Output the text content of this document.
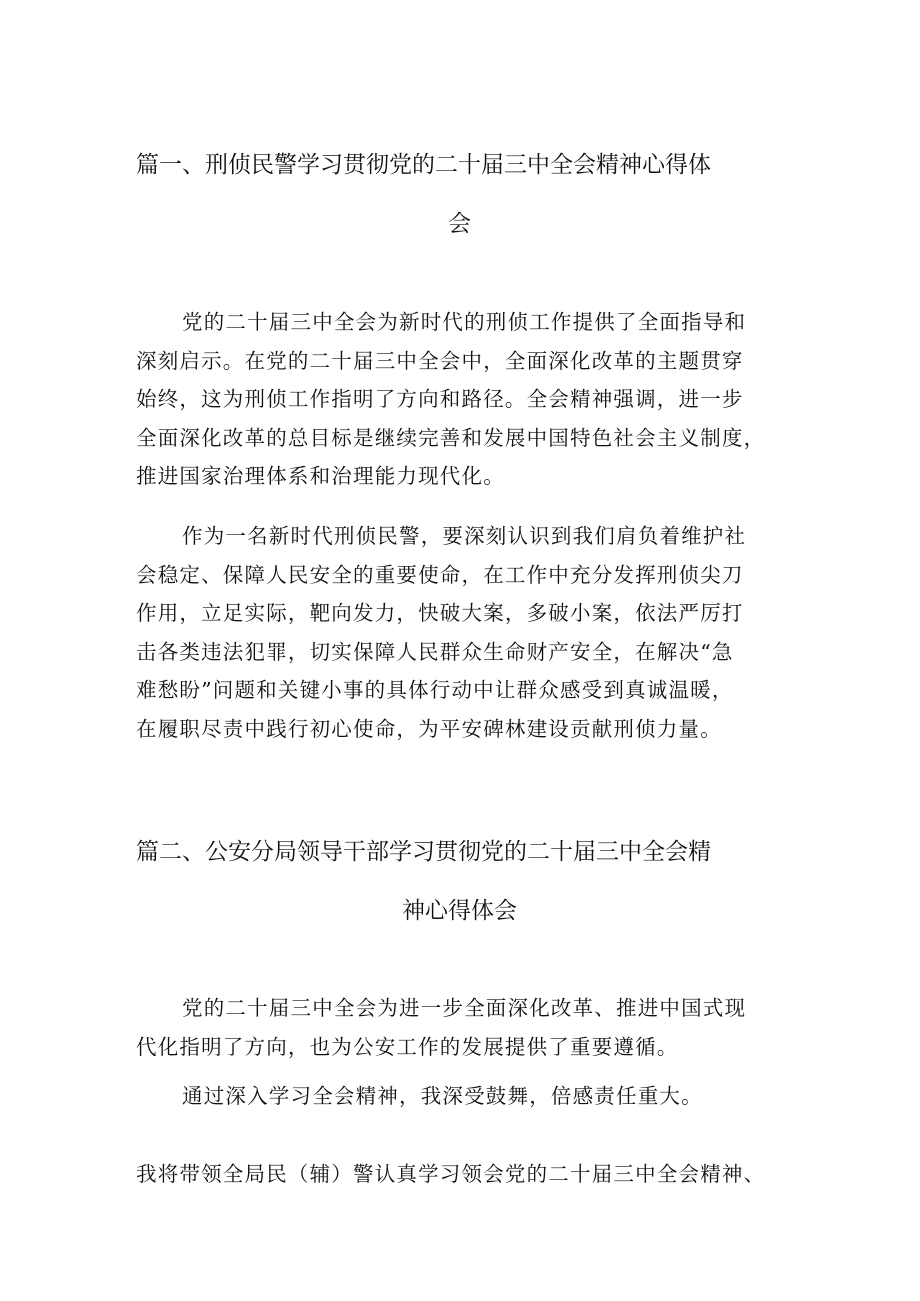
篇一、刑侦民警学习贯彻党的二十届三中全会精神心得体
会
党的二十届三中全会为新时代的刑侦工作提供了全面指导和
深刻启示。在党的二十届三中全会中，全面深化改革的主题贯穿
始终，这为刑侦工作指明了方向和路径。全会精神强调，进一步
全面深化改革的总目标是继续完善和发展中国特色社会主义制度，
推进国家治理体系和治理能力现代化。
作为一名新时代刑侦民警，要深刻认识到我们肩负着维护社
会稳定、保障人民安全的重要使命，在工作中充分发挥刑侦尖刀
作用，立足实际，靶向发力，快破大案，多破小案，依法严厉打
击各类违法犯罪，切实保障人民群众生命财产安全，在解决“急
难愁盼”问题和关键小事的具体行动中让群众感受到真诚温暖，
在履职尽责中践行初心使命，为平安碑林建设贡献刑侦力量。
篇二、公安分局领导干部学习贯彻党的二十届三中全会精
神心得体会
党的二十届三中全会为进一步全面深化改革、推进中国式现
代化指明了方向，也为公安工作的发展提供了重要遵循。
通过深入学习全会精神，我深受鼓舞，倍感责任重大。
我将带领全局民（辅）警认真学习领会党的二十届三中全会精神、
